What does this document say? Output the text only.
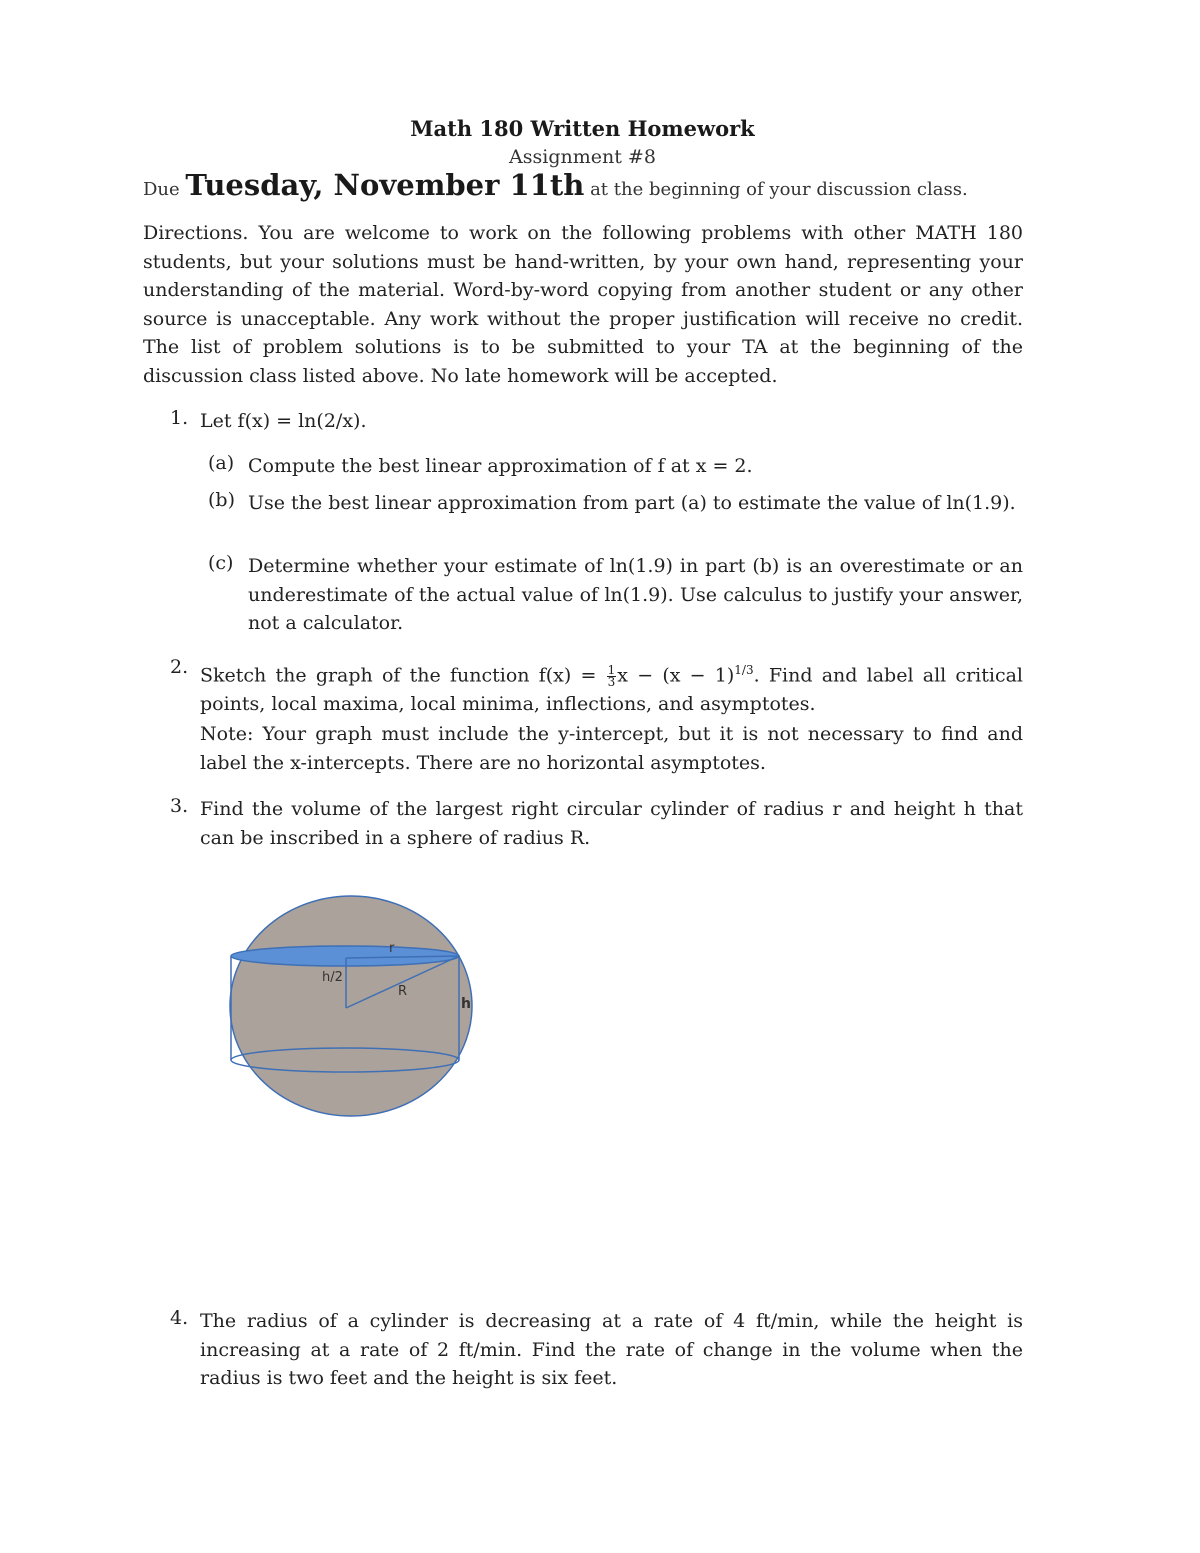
Math 180 Written Homework
Assignment #8
Due Tuesday, November 11th at the beginning of your discussion class.
Directions. You are welcome to work on the following problems with other MATH 180 students, but your solutions must be hand-written, by your own hand, representing your understanding of the material. Word-by-word copying from another student or any other source is unacceptable. Any work without the proper justification will receive no credit. The list of problem solutions is to be submitted to your TA at the beginning of the discussion class listed above. No late homework will be accepted.
1. Let f(x) = ln(2/x).
(a) Compute the best linear approximation of f at x = 2.
(b) Use the best linear approximation from part (a) to estimate the value of ln(1.9).
(c) Determine whether your estimate of ln(1.9) in part (b) is an overestimate or an underestimate of the actual value of ln(1.9). Use calculus to justify your answer, not a calculator.
2. Sketch the graph of the function $f(x) = \frac{1}{3}$ $x - (x - 1)^{1/3}$. Find and label all critical points, local maxima, local minima, inflections, and asymptotes.
Note: Your graph must include the y-intercept, but it is not necessary to find and label the x-intercepts. There are no horizontal asymptotes.
3. Find the volume of the largest right circular cylinder of radius r and height h that can be inscribed in a sphere of radius R.
r
h/2
R
h
4. The radius of a cylinder is decreasing at a rate of 4 ft/min, while the height is increasing at a rate of 2 ft/min. Find the rate of change in the volume when the radius is two feet and the height is six feet.
